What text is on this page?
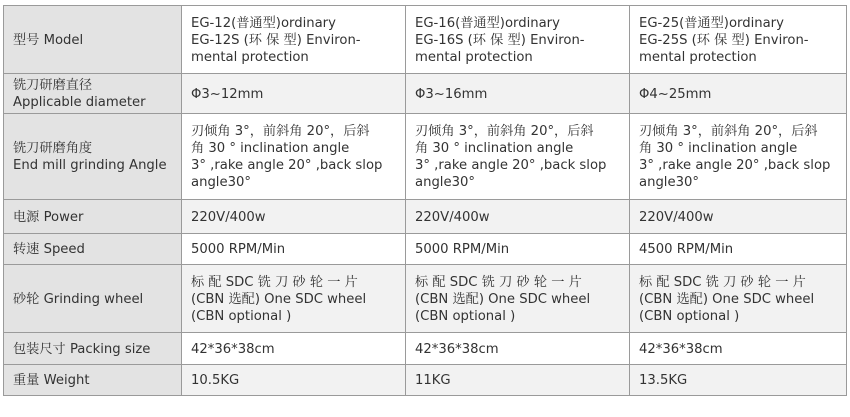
型号 Model	EG-12(普通型)ordinary
EG-12S (环 保 型) Environ-
mental protection	EG-16(普通型)ordinary
EG-16S (环 保 型) Environ-
mental protection	EG-25(普通型)ordinary
EG-25S (环 保 型) Environ-
mental protection

铣刀研磨直径
Applicable diameter	Φ3~12mm	Φ3~16mm	Φ4~25mm

铣刀研磨角度
End mill grinding Angle	刃倾角 3°，前斜角 20°，后斜
角 30 ° inclination angle
3° ,rake angle 20° ,back slop
angle30°	刃倾角 3°，前斜角 20°，后斜
角 30 ° inclination angle
3° ,rake angle 20° ,back slop
angle30°	刃倾角 3°，前斜角 20°，后斜
角 30 ° inclination angle
3° ,rake angle 20° ,back slop
angle30°

电源 Power	220V/400w	220V/400w	220V/400w

转速 Speed	5000 RPM/Min	5000 RPM/Min	4500 RPM/Min

砂轮 Grinding wheel	标 配 SDC 铣 刀 砂 轮 一 片
(CBN 选配) One SDC wheel
(CBN optional )	标 配 SDC 铣 刀 砂 轮 一 片
(CBN 选配) One SDC wheel
(CBN optional )	标 配 SDC 铣 刀 砂 轮 一 片
(CBN 选配) One SDC wheel
(CBN optional )

包装尺寸 Packing size	42*36*38cm	42*36*38cm	42*36*38cm

重量 Weight	10.5KG	11KG	13.5KG
